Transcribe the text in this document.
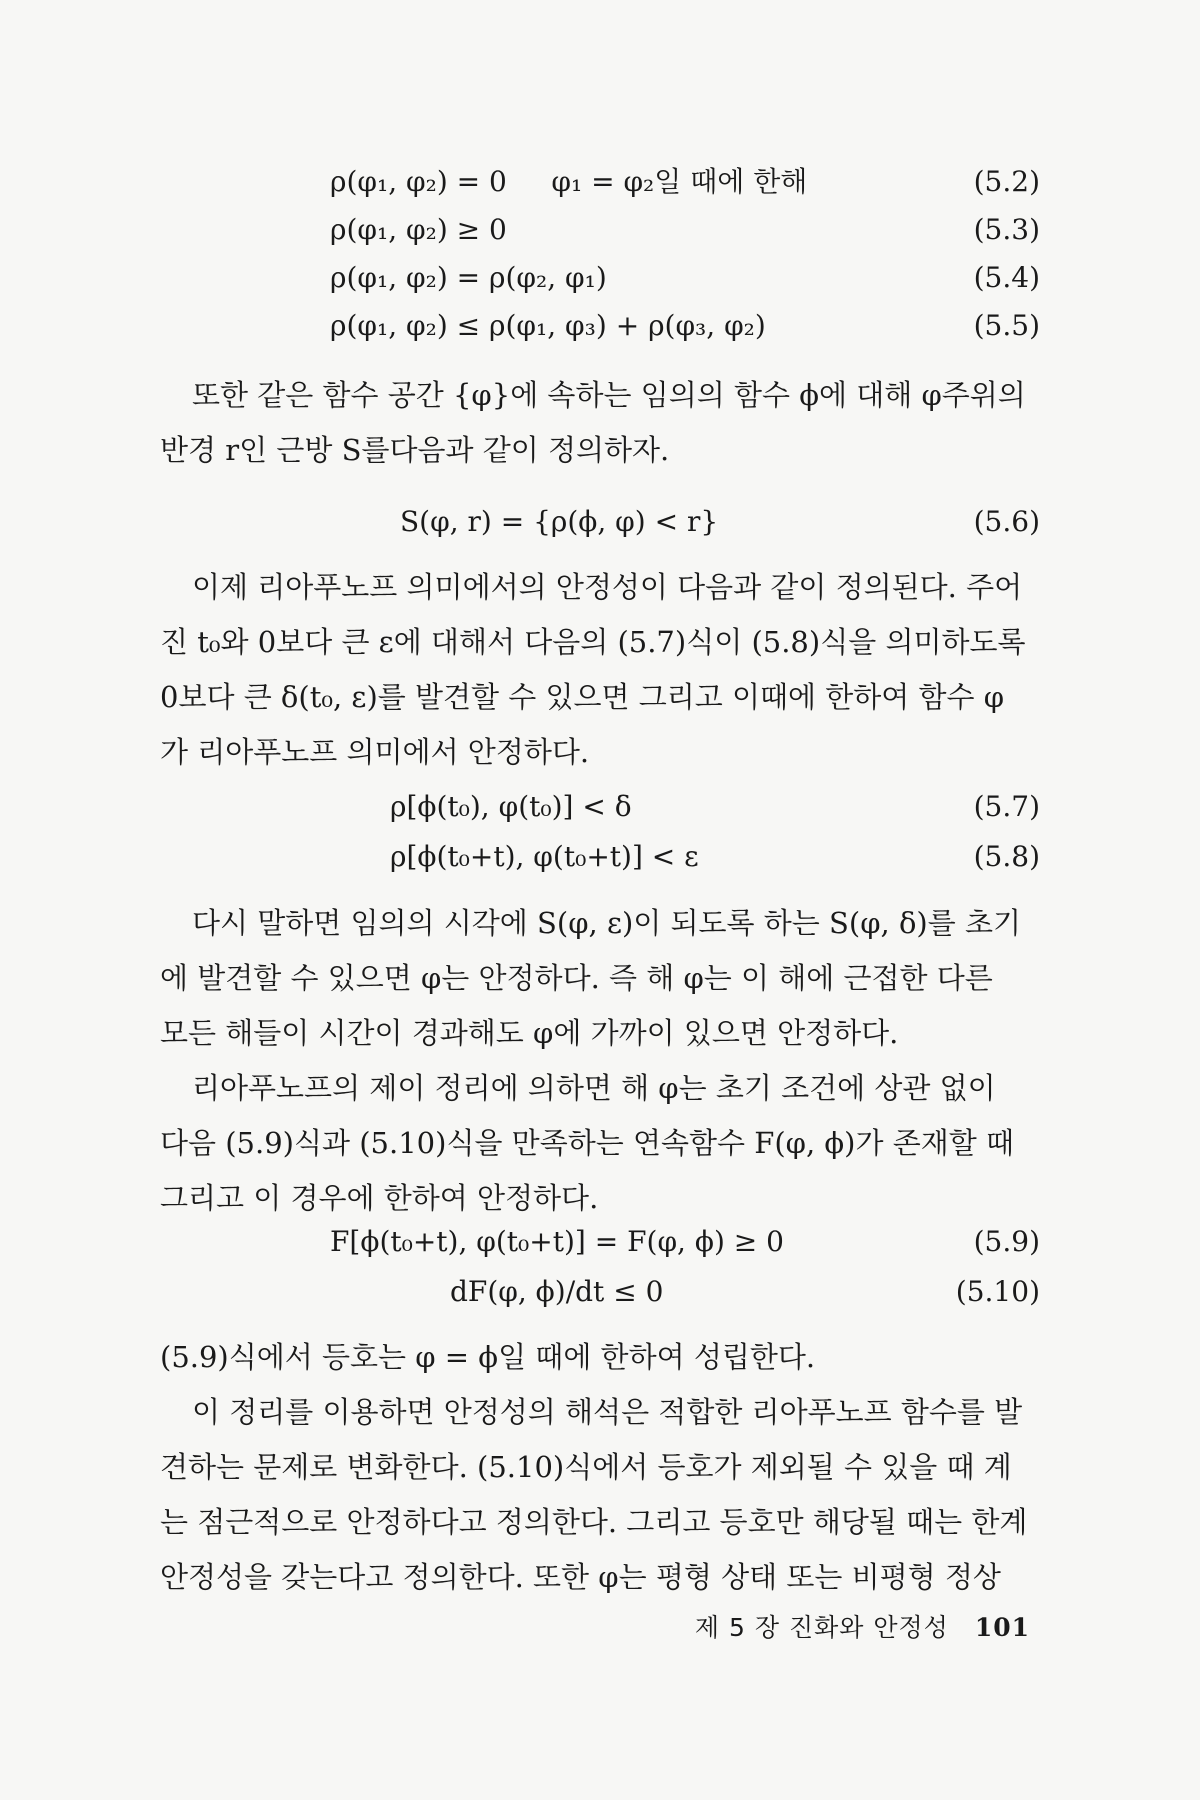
ρ(φ₁, φ₂) = 0     φ₁ = φ₂일 때에 한해	(5.2)
ρ(φ₁, φ₂) ≥ 0	(5.3)
ρ(φ₁, φ₂) = ρ(φ₂, φ₁)	(5.4)
ρ(φ₁, φ₂) ≤ ρ(φ₁, φ₃) + ρ(φ₃, φ₂)	(5.5)

또한 같은 함수 공간 {φ}에 속하는 임의의 함수 ϕ에 대해 φ주위의
반경 r인 근방 S를다음과 같이 정의하자.

S(φ, r) = {ρ(ϕ, φ) < r}	(5.6)

이제 리아푸노프 의미에서의 안정성이 다음과 같이 정의된다. 주어
진 t₀와 0보다 큰 ε에 대해서 다음의 (5.7)식이 (5.8)식을 의미하도록
0보다 큰 δ(t₀, ε)를 발견할 수 있으면 그리고 이때에 한하여 함수 φ
가 리아푸노프 의미에서 안정하다.

ρ[ϕ(t₀), φ(t₀)] < δ	(5.7)
ρ[ϕ(t₀+t), φ(t₀+t)] < ε	(5.8)

다시 말하면 임의의 시각에 S(φ, ε)이 되도록 하는 S(φ, δ)를 초기
에 발견할 수 있으면 φ는 안정하다. 즉 해 φ는 이 해에 근접한 다른
모든 해들이 시간이 경과해도 φ에 가까이 있으면 안정하다.

리아푸노프의 제이 정리에 의하면 해 φ는 초기 조건에 상관 없이
다음 (5.9)식과 (5.10)식을 만족하는 연속함수 F(φ, ϕ)가 존재할 때
그리고 이 경우에 한하여 안정하다.

F[ϕ(t₀+t), φ(t₀+t)] = F(φ, ϕ) ≥ 0	(5.9)
dF(φ, ϕ)/dt ≤ 0	(5.10)

(5.9)식에서 등호는 φ = ϕ일 때에 한하여 성립한다.

이 정리를 이용하면 안정성의 해석은 적합한 리아푸노프 함수를 발
견하는 문제로 변화한다. (5.10)식에서 등호가 제외될 수 있을 때 계
는 점근적으로 안정하다고 정의한다. 그리고 등호만 해당될 때는 한계
안정성을 갖는다고 정의한다. 또한 φ는 평형 상태 또는 비평형 정상

제 5 장 진화와 안정성 101
